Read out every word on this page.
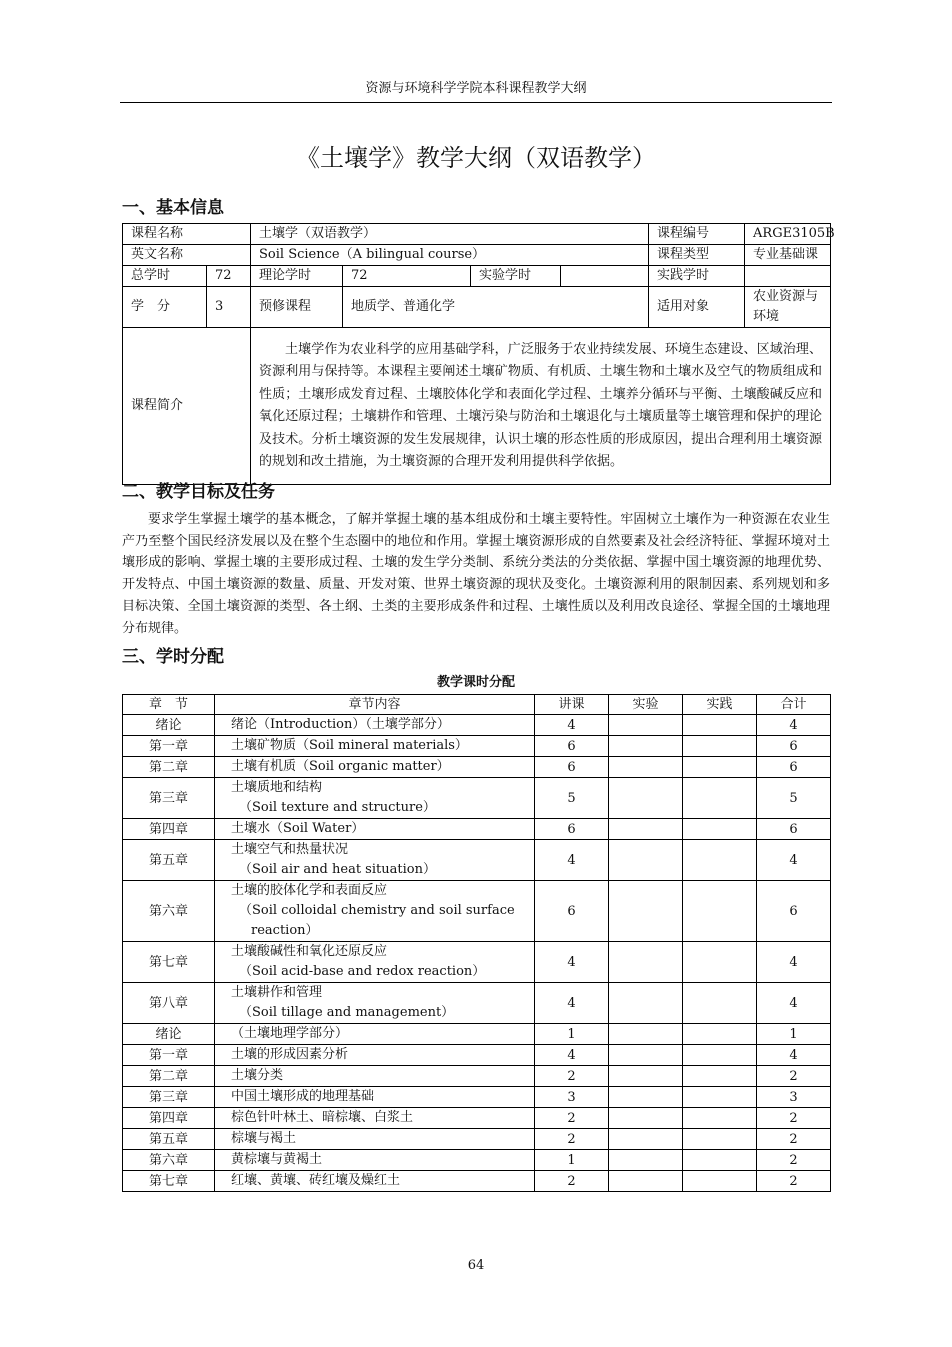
资源与环境科学学院本科课程教学大纲
《土壤学》教学大纲（双语教学）
一、基本信息
课程名称		土壤学（双语教学）				课程编号	ARGE3105B
英文名称		Soil Science（A bilingual course）				课程类型	专业基础课
总学时	72	理论学时	72	实验学时		实践学时	
学　分	3	预修课程	地质学、普通化学			适用对象	农业资源与环境
课程简介		土壤学作为农业科学的应用基础学科，广泛服务于农业持续发展、环境生态建设、区域治理、资源利用与保持等。本课程主要阐述土壤矿物质、有机质、土壤生物和土壤水及空气的物质组成和性质；土壤形成发育过程、土壤胶体化学和表面化学过程、土壤养分循环与平衡、土壤酸碱反应和氧化还原过程；土壤耕作和管理、土壤污染与防治和土壤退化与土壤质量等土壤管理和保护的理论及技术。分析土壤资源的发生发展规律，认识土壤的形态性质的形成原因，提出合理利用土壤资源的规划和改土措施，为土壤资源的合理开发利用提供科学依据。					
二、教学目标及任务

要求学生掌握土壤学的基本概念，了解并掌握土壤的基本组成份和土壤主要特性。牢固树立土壤作为一种资源在农业生产乃至整个国民经济发展以及在整个生态圈中的地位和作用。掌握土壤资源形成的自然要素及社会经济特征、掌握环境对土壤形成的影响、掌握土壤的主要形成过程、土壤的发生学分类制、系统分类法的分类依据、掌握中国土壤资源的地理优势、开发特点、中国土壤资源的数量、质量、开发对策、世界土壤资源的现状及变化。土壤资源利用的限制因素、系列规划和多目标决策、全国土壤资源的类型、各土纲、土类的主要形成条件和过程、土壤性质以及利用改良途径、掌握全国的土壤地理分布规律。

三、学时分配
教学课时分配
章　节	章节内容	讲课	实验	实践	合计
绪论	绪论（Introduction）（土壤学部分）	4			4
第一章	土壤矿物质（Soil mineral materials）	6			6
第二章	土壤有机质（Soil organic matter）	6			6
第三章	土壤质地和结构
（Soil texture and structure）	5			5
第四章	土壤水（Soil Water）	6			6
第五章	土壤空气和热量状况
（Soil air and heat situation）	4			4
第六章	土壤的胶体化学和表面反应
（Soil colloidal chemistry and soil surface
reaction）	6			6
第七章	土壤酸碱性和氧化还原反应
（Soil acid-base and redox reaction）	4			4
第八章	土壤耕作和管理
（Soil tillage and management）	4			4
绪论	（土壤地理学部分）	1			1
第一章	土壤的形成因素分析	4			4
第二章	土壤分类	2			2
第三章	中国土壤形成的地理基础	3			3
第四章	棕色针叶林土、暗棕壤、白浆土	2			2
第五章	棕壤与褐土	2			2
第六章	黄棕壤与黄褐土	1			2
第七章	红壤、黄壤、砖红壤及燥红土	2			2
64
